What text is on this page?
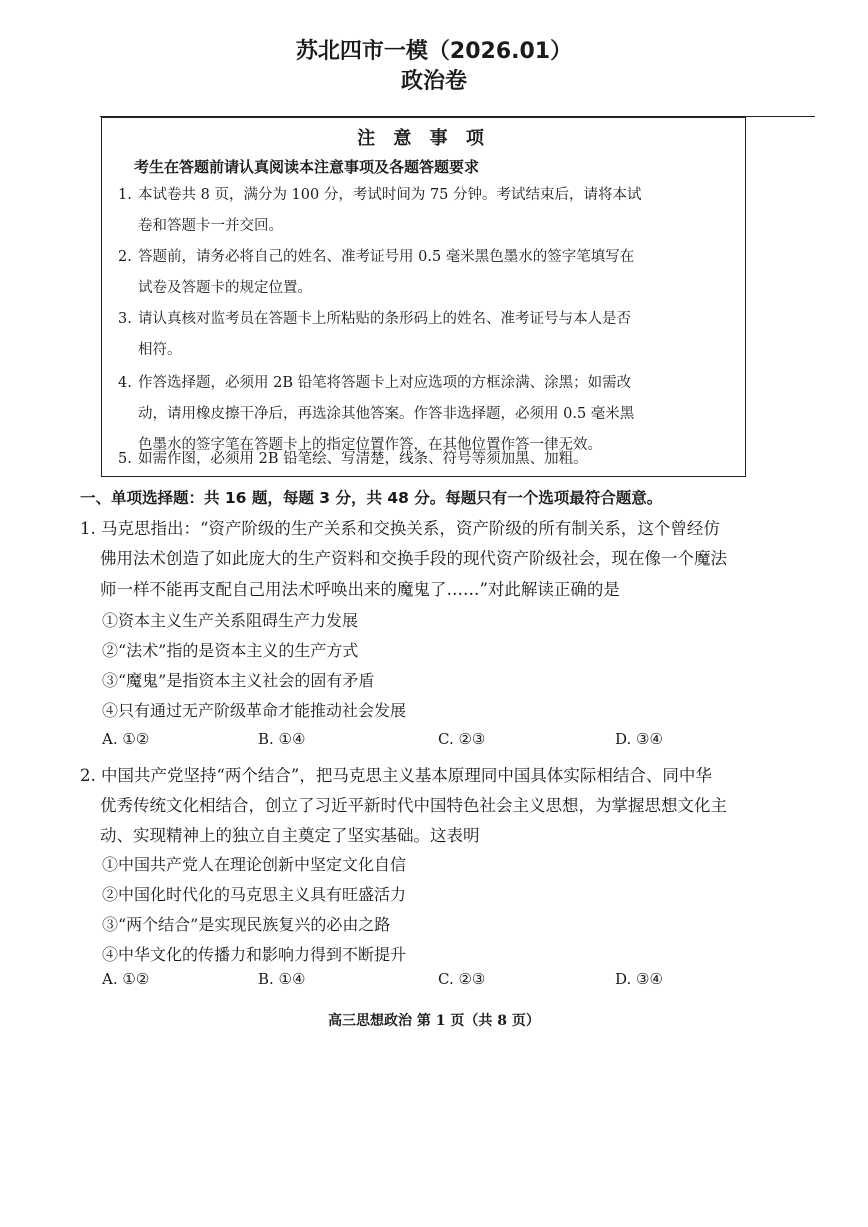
苏北四市一模（2026.01）
政治卷
注 意 事 项
考生在答题前请认真阅读本注意事项及各题答题要求
1. 本试卷共 8 页，满分为 100 分，考试时间为 75 分钟。考试结束后，请将本试
卷和答题卡一并交回。
2. 答题前，请务必将自己的姓名、准考证号用 0.5 毫米黑色墨水的签字笔填写在
试卷及答题卡的规定位置。
3. 请认真核对监考员在答题卡上所粘贴的条形码上的姓名、准考证号与本人是否
相符。
4. 作答选择题，必须用 2B 铅笔将答题卡上对应选项的方框涂满、涂黑；如需改
动，请用橡皮擦干净后，再选涂其他答案。作答非选择题，必须用 0.5 毫米黑
色墨水的签字笔在答题卡上的指定位置作答，在其他位置作答一律无效。
5. 如需作图，必须用 2B 铅笔绘、写清楚，线条、符号等须加黑、加粗。
一、单项选择题：共 16 题，每题 3 分，共 48 分。每题只有一个选项最符合题意。
1. 马克思指出：“资产阶级的生产关系和交换关系，资产阶级的所有制关系，这个曾经仿
佛用法术创造了如此庞大的生产资料和交换手段的现代资产阶级社会，现在像一个魔法
师一样不能再支配自己用法术呼唤出来的魔鬼了……”对此解读正确的是
①资本主义生产关系阻碍生产力发展
②“法术”指的是资本主义的生产方式
③“魔鬼”是指资本主义社会的固有矛盾
④只有通过无产阶级革命才能推动社会发展
A. ①②	B. ①④	C. ②③	D. ③④
2. 中国共产党坚持“两个结合”，把马克思主义基本原理同中国具体实际相结合、同中华
优秀传统文化相结合，创立了习近平新时代中国特色社会主义思想，为掌握思想文化主
动、实现精神上的独立自主奠定了坚实基础。这表明
①中国共产党人在理论创新中坚定文化自信
②中国化时代化的马克思主义具有旺盛活力
③“两个结合”是实现民族复兴的必由之路
④中华文化的传播力和影响力得到不断提升
A. ①②	B. ①④	C. ②③	D. ③④
高三思想政治 第 1 页（共 8 页）
